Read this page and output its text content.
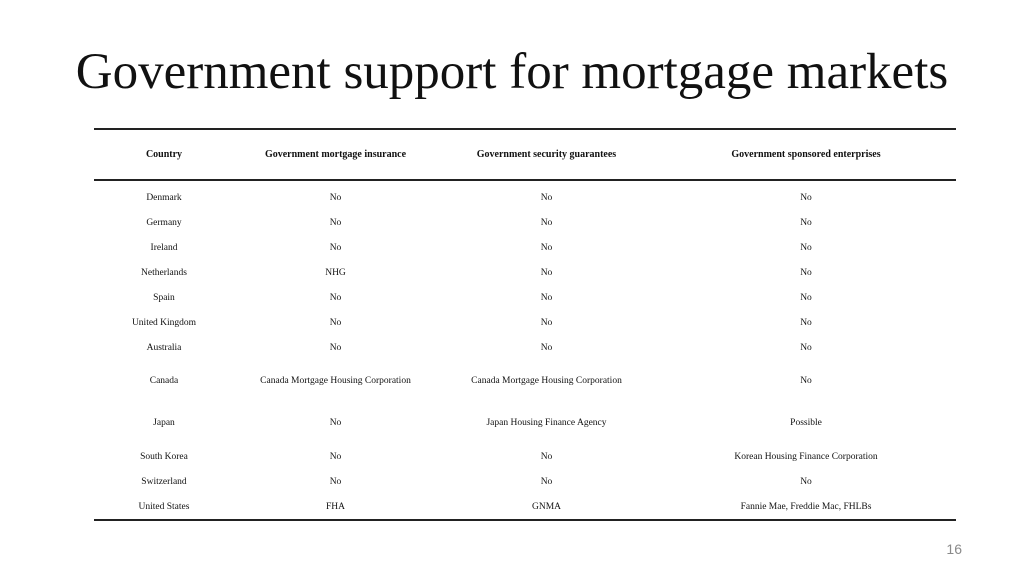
Government support for mortgage markets
Country	Government mortgage insurance	Government security guarantees	Government sponsored enterprises
Denmark	No	No	No
Germany	No	No	No
Ireland	No	No	No
Netherlands	NHG	No	No
Spain	No	No	No
United Kingdom	No	No	No
Australia	No	No	No
Canada	Canada Mortgage Housing Corporation	Canada Mortgage Housing Corporation	No
Japan	No	Japan Housing Finance Agency	Possible
South Korea	No	No	Korean Housing Finance Corporation
Switzerland	No	No	No
United States	FHA	GNMA	Fannie Mae, Freddie Mac, FHLBs
16
